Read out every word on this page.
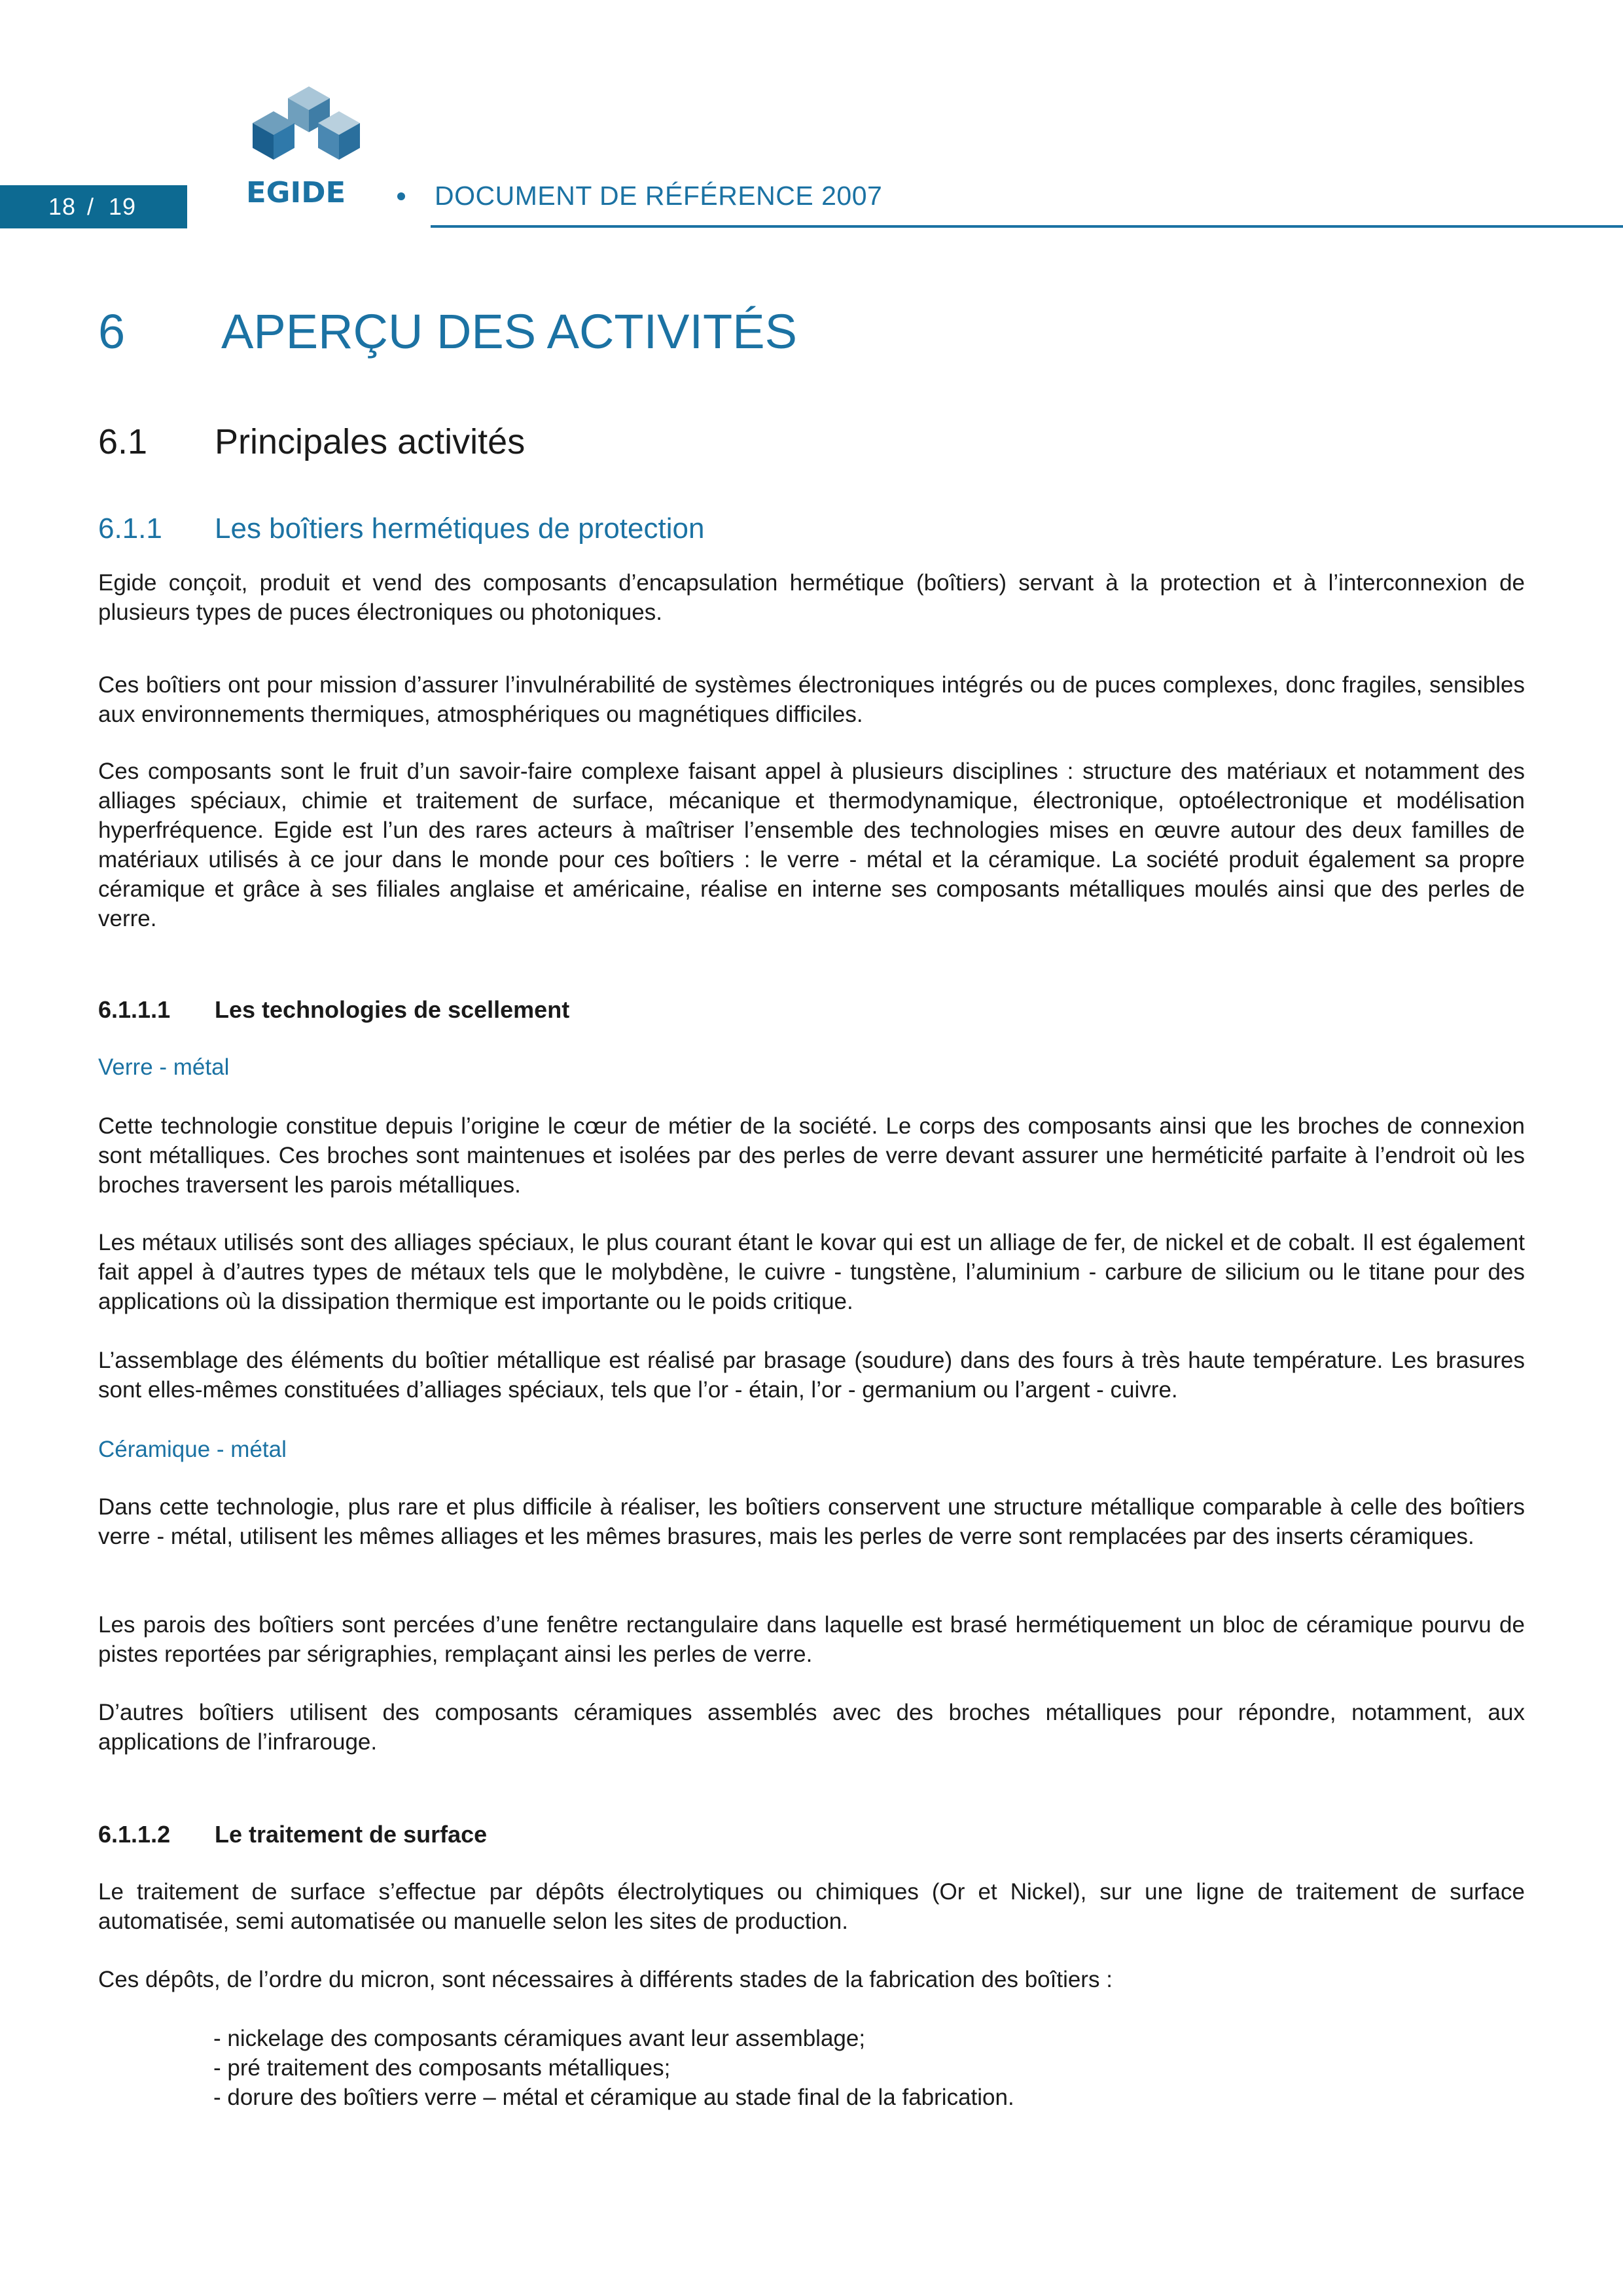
18 / 19	EGIDE	DOCUMENT DE RÉFÉRENCE 2007
6 APERÇU DES ACTIVITÉS
6.1 Principales activités
6.1.1 Les boîtiers hermétiques de protection

Egide conçoit, produit et vend des composants d’encapsulation hermétique (boîtiers) servant à la protection et à l’interconnexion de plusieurs types de puces électroniques ou photoniques.

Ces boîtiers ont pour mission d’assurer l’invulnérabilité de systèmes électroniques intégrés ou de puces complexes, donc fragiles, sensibles aux environnements thermiques, atmosphériques ou magnétiques difficiles.

Ces composants sont le fruit d’un savoir-faire complexe faisant appel à plusieurs disciplines : structure des matériaux et notamment des alliages spéciaux, chimie et traitement de surface, mécanique et thermodynamique, électronique, optoélectronique et modélisation hyperfréquence. Egide est l’un des rares acteurs à maîtriser l’ensemble des technologies mises en œuvre autour des deux familles de matériaux utilisés à ce jour dans le monde pour ces boîtiers : le verre - métal et la céramique. La société produit également sa propre céramique et grâce à ses filiales anglaise et américaine, réalise en interne ses composants métalliques moulés ainsi que des perles de verre.

6.1.1.1 Les technologies de scellement
Verre - métal

Cette technologie constitue depuis l’origine le cœur de métier de la société. Le corps des composants ainsi que les broches de connexion sont métalliques. Ces broches sont maintenues et isolées par des perles de verre devant assurer une herméticité parfaite à l’endroit où les broches traversent les parois métalliques.

Les métaux utilisés sont des alliages spéciaux, le plus courant étant le kovar qui est un alliage de fer, de nickel et de cobalt. Il est également fait appel à d’autres types de métaux tels que le molybdène, le cuivre - tungstène, l’aluminium - carbure de silicium ou le titane pour des applications où la dissipation thermique est importante ou le poids critique.

L’assemblage des éléments du boîtier métallique est réalisé par brasage (soudure) dans des fours à très haute température. Les brasures sont elles-mêmes constituées d’alliages spéciaux, tels que l’or - étain, l’or - germanium ou l’argent - cuivre.

Céramique - métal

Dans cette technologie, plus rare et plus difficile à réaliser, les boîtiers conservent une structure métallique comparable à celle des boîtiers verre - métal, utilisent les mêmes alliages et les mêmes brasures, mais les perles de verre sont remplacées par des inserts céramiques.

Les parois des boîtiers sont percées d’une fenêtre rectangulaire dans laquelle est brasé hermétiquement un bloc de céramique pourvu de pistes reportées par sérigraphies, remplaçant ainsi les perles de verre.

D’autres boîtiers utilisent des composants céramiques assemblés avec des broches métalliques pour répondre, notamment, aux applications de l’infrarouge.

6.1.1.2 Le traitement de surface

Le traitement de surface s’effectue par dépôts électrolytiques ou chimiques (Or et Nickel), sur une ligne de traitement de surface automatisée, semi automatisée ou manuelle selon les sites de production.

Ces dépôts, de l’ordre du micron, sont nécessaires à différents stades de la fabrication des boîtiers :

- nickelage des composants céramiques avant leur assemblage;
- pré traitement des composants métalliques;
- dorure des boîtiers verre – métal et céramique au stade final de la fabrication.
